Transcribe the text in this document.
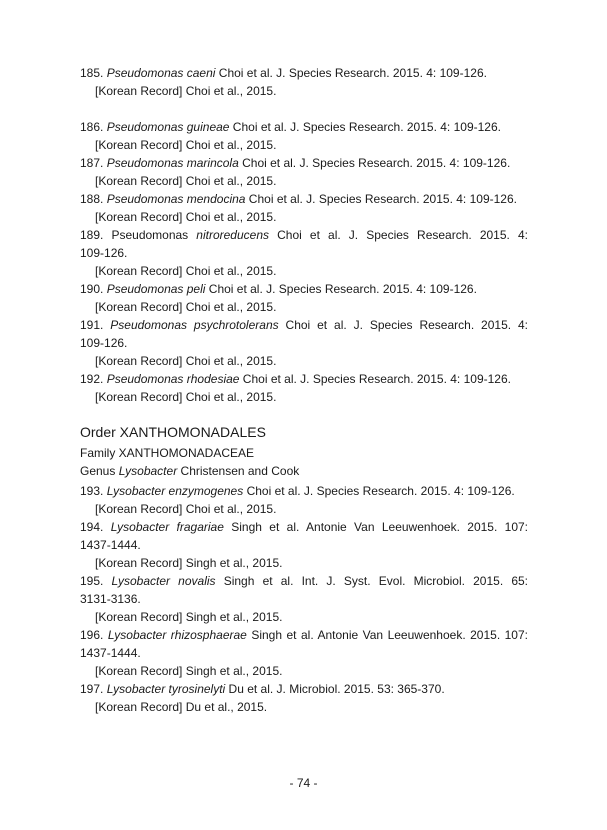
185. Pseudomonas caeni Choi et al. J. Species Research. 2015. 4: 109-126.
[Korean Record] Choi et al., 2015.
186. Pseudomonas guineae Choi et al. J. Species Research. 2015. 4: 109-126.
[Korean Record] Choi et al., 2015.
187. Pseudomonas marincola Choi et al. J. Species Research. 2015. 4: 109-126.
[Korean Record] Choi et al., 2015.
188. Pseudomonas mendocina Choi et al. J. Species Research. 2015. 4: 109-126.
[Korean Record] Choi et al., 2015.
189. Pseudomonas nitroreducens Choi et al. J. Species Research. 2015. 4:
109-126.
[Korean Record] Choi et al., 2015.
190. Pseudomonas peli Choi et al. J. Species Research. 2015. 4: 109-126.
[Korean Record] Choi et al., 2015.
191. Pseudomonas psychrotolerans Choi et al. J. Species Research. 2015. 4:
109-126.
[Korean Record] Choi et al., 2015.
192. Pseudomonas rhodesiae Choi et al. J. Species Research. 2015. 4: 109-126.
[Korean Record] Choi et al., 2015.
Order XANTHOMONADALES
Family XANTHOMONADACEAE
Genus Lysobacter Christensen and Cook
193. Lysobacter enzymogenes Choi et al. J. Species Research. 2015. 4: 109-126.
[Korean Record] Choi et al., 2015.
194. Lysobacter fragariae Singh et al. Antonie Van Leeuwenhoek. 2015. 107:
1437-1444.
[Korean Record] Singh et al., 2015.
195. Lysobacter novalis Singh et al. Int. J. Syst. Evol. Microbiol. 2015. 65:
3131-3136.
[Korean Record] Singh et al., 2015.
196. Lysobacter rhizosphaerae Singh et al. Antonie Van Leeuwenhoek. 2015. 107:
1437-1444.
[Korean Record] Singh et al., 2015.
197. Lysobacter tyrosinelyti Du et al. J. Microbiol. 2015. 53: 365-370.
[Korean Record] Du et al., 2015.
- 74 -
